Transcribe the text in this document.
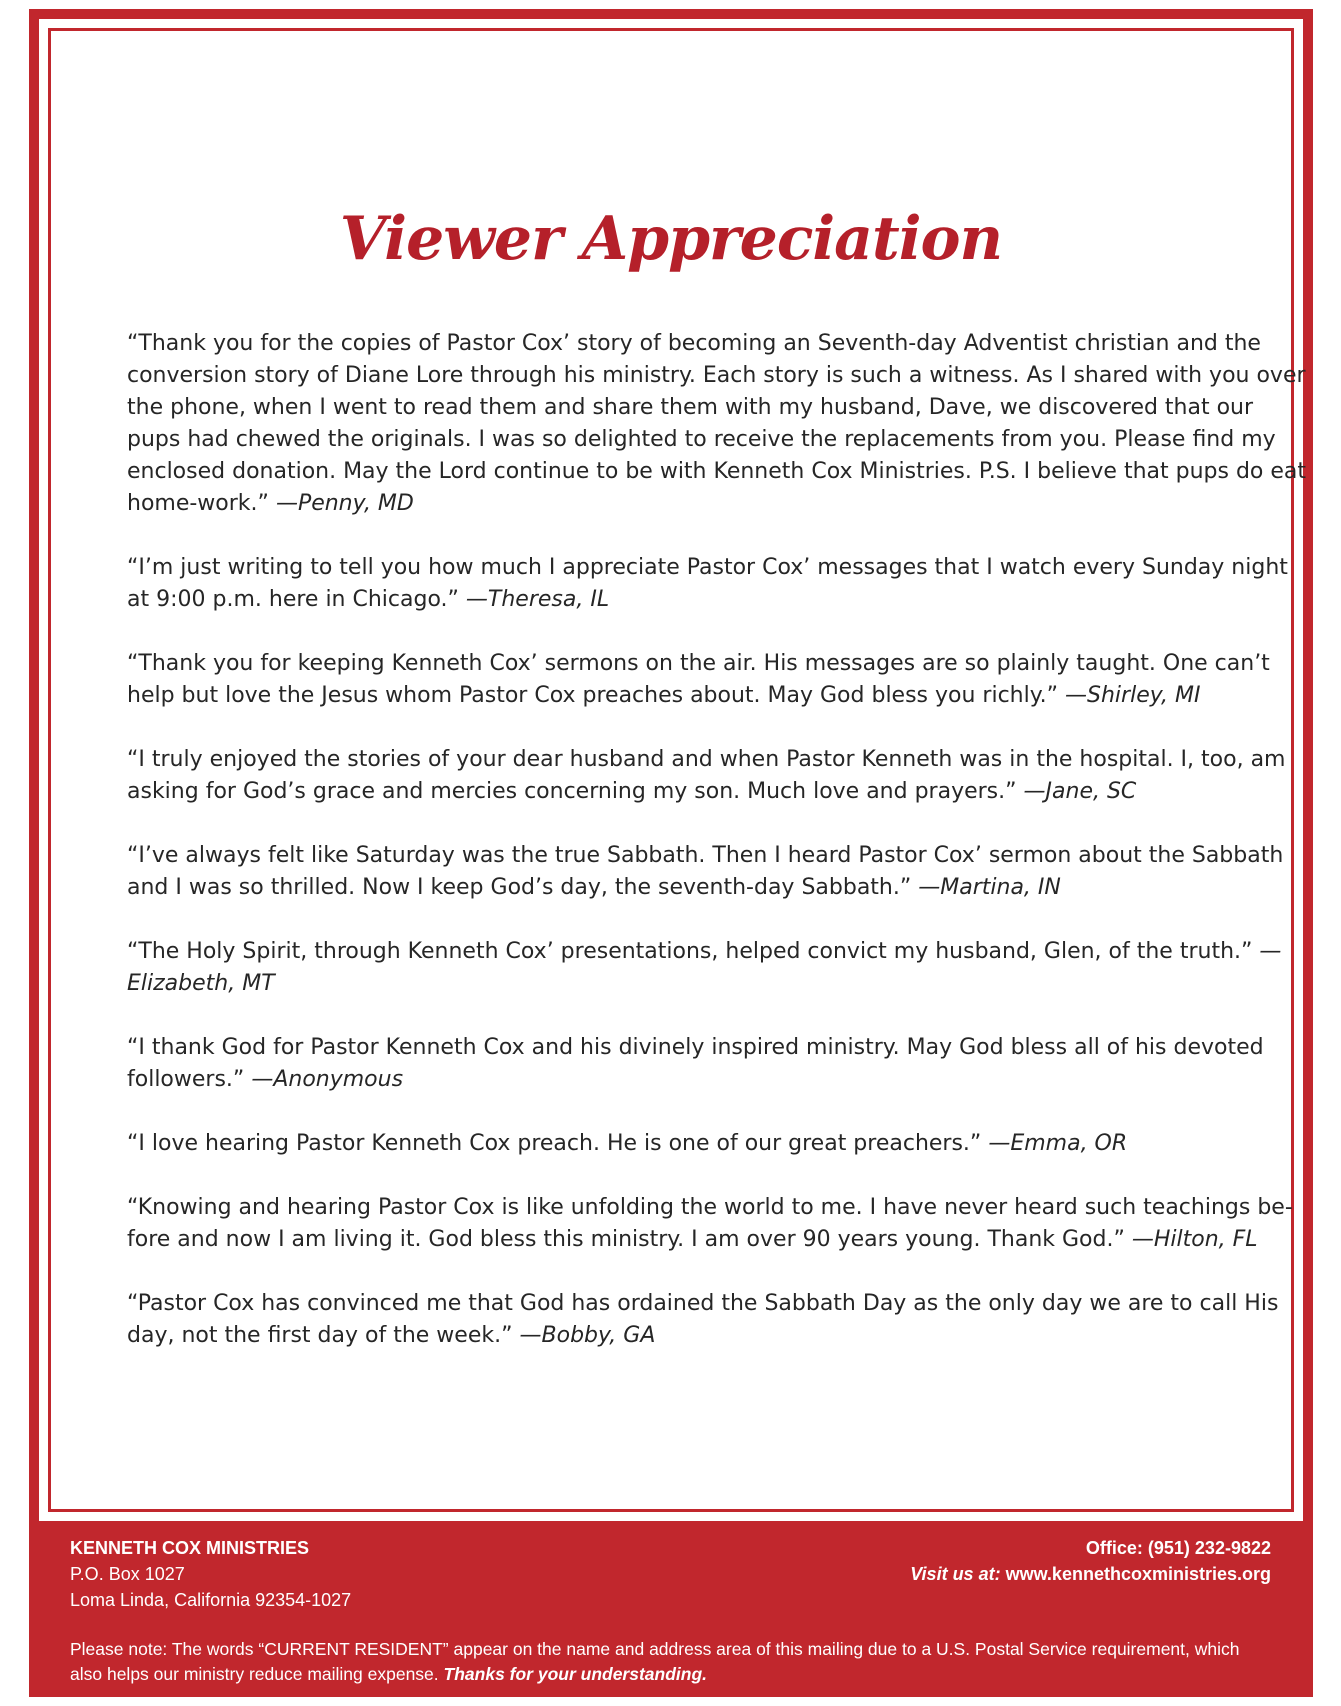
Viewer Appreciation

“Thank you for the copies of Pastor Cox’ story of becoming an Seventh-day Adventist christian and the conversion story of Diane Lore through his ministry. Each story is such a witness. As I shared with you over the phone, when I went to read them and share them with my husband, Dave, we discovered that our pups had chewed the originals. I was so delighted to receive the replacements from you. Please find my enclosed donation. May the Lord continue to be with Kenneth Cox Ministries. P.S. I believe that pups do eat home-work.” —Penny, MD

“I’m just writing to tell you how much I appreciate Pastor Cox’ messages that I watch every Sunday night at 9:00 p.m. here in Chicago.” —Theresa, IL

“Thank you for keeping Kenneth Cox’ sermons on the air. His messages are so plainly taught. One can’t help but love the Jesus whom Pastor Cox preaches about. May God bless you richly.” —Shirley, MI

“I truly enjoyed the stories of your dear husband and when Pastor Kenneth was in the hospital. I, too, am asking for God’s grace and mercies concerning my son. Much love and prayers.” —Jane, SC

“I’ve always felt like Saturday was the true Sabbath. Then I heard Pastor Cox’ sermon about the Sabbath and I was so thrilled. Now I keep God’s day, the seventh-day Sabbath.” —Martina, IN

“The Holy Spirit, through Kenneth Cox’ presentations, helped convict my husband, Glen, of the truth.” —Elizabeth, MT

“I thank God for Pastor Kenneth Cox and his divinely inspired ministry. May God bless all of his devoted followers.” —Anonymous

“I love hearing Pastor Kenneth Cox preach. He is one of our great preachers.” —Emma, OR

“Knowing and hearing Pastor Cox is like unfolding the world to me. I have never heard such teachings be-fore and now I am living it. God bless this ministry. I am over 90 years young. Thank God.” —Hilton, FL

“Pastor Cox has convinced me that God has ordained the Sabbath Day as the only day we are to call His day, not the first day of the week.” —Bobby, GA

KENNETH COX MINISTRIES
P.O. Box 1027
Loma Linda, California 92354-1027
Office: (951) 232-9822
Visit us at: www.kennethcoxministries.org
Please note: The words “CURRENT RESIDENT” appear on the name and address area of this mailing due to a U.S. Postal Service requirement, which also helps our ministry reduce mailing expense. Thanks for your understanding.
